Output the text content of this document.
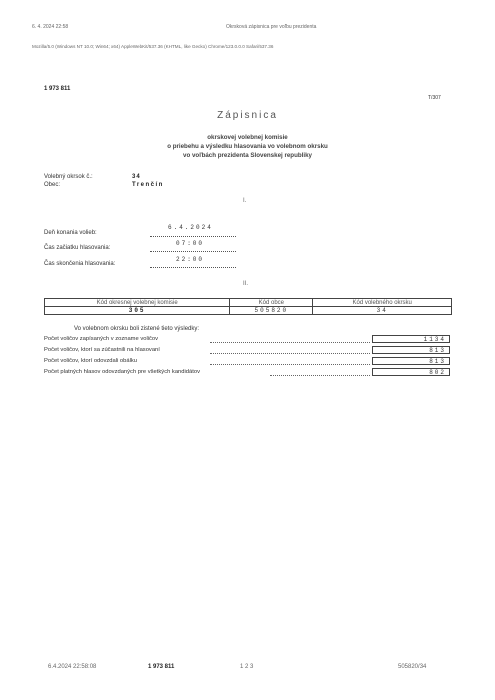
6. 4. 2024 22:58	Okrsková zápisnica pre voľbu prezidenta
Mozilla/5.0 (Windows NT 10.0; Win64; x64) AppleWebKit/537.36 (KHTML, like Gecko) Chrome/123.0.0.0 Safari/537.36
1 973 811
T/307
Zápisnica
okrskovej volebnej komisie
o priebehu a výsledku hlasovania vo volebnom okrsku
vo voľbách prezidenta Slovenskej republiky
Volebný okrsok č.:	34
Obec:	Trenčín
I.
Deň konania volieb:
6.4.2024
Čas začiatku hlasovania:
07:00
Čas skončenia hlasovania:
22:00
II.
Kód okresnej volebnej komisie	Kód obce	Kód volebného okrsku
305	505820	34
Vo volebnom okrsku boli zistené tieto výsledky:
Počet voličov zapísaných v zozname voličov	1134
Počet voličov, ktorí sa zúčastnili na hlasovaní	813
Počet voličov, ktorí odovzdali obálku	813
Počet platných hlasov odovzdaných pre všetkých kandidátov	802
6.4.2024 22:58:08	1 973 811	1 2 3	505820/34
